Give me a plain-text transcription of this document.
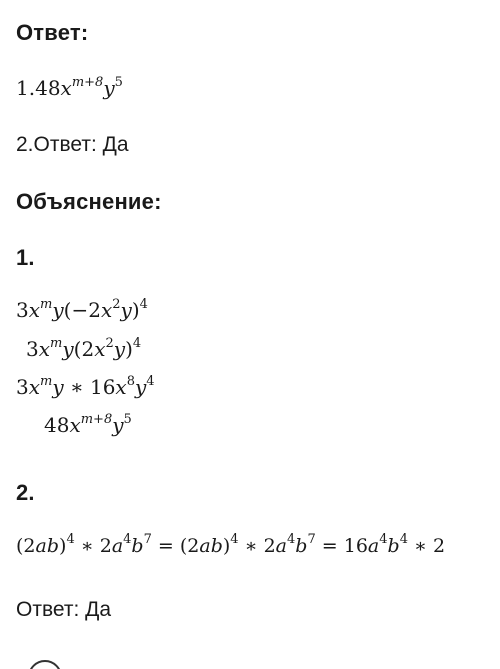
Ответ:
$1.48x^{m+8}y^5$
2.Ответ: Да
Объяснение:
1.
$3x^my(-2x^2y)^4$
$3x^my(2x^2y)^4$
$3x^my$ ∗ $16x^8y^4$
$48x^{m+8}y^5$
2.
$(2ab)^4$ ∗ $2a^4b^7 = (2ab)^4$ ∗ $2a^4b^7 = 16a^4b^4$ ∗ 2
Ответ: Да
